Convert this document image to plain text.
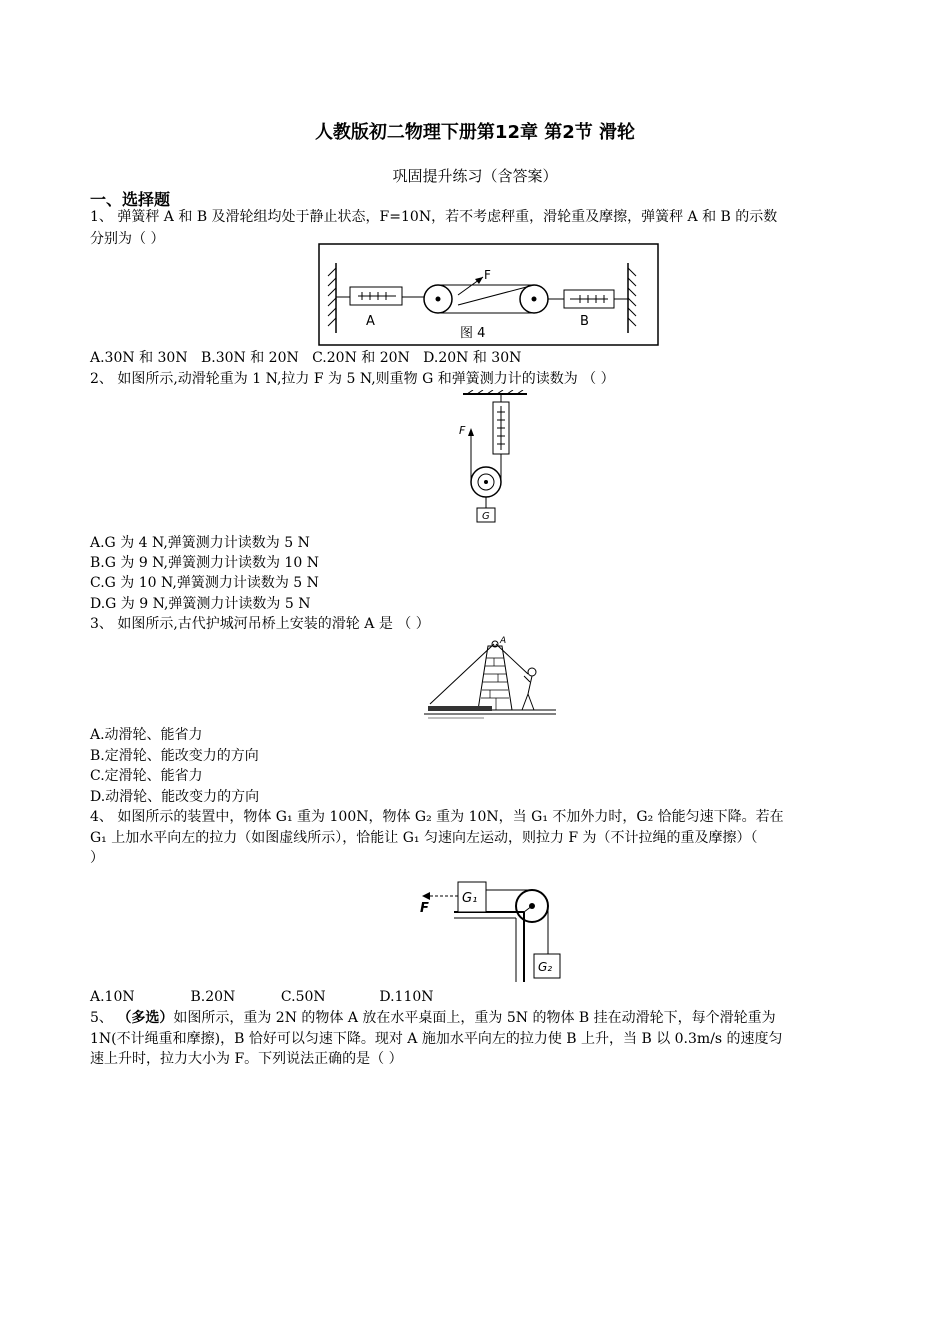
人教版初二物理下册第12章 第2节 滑轮
巩固提升练习（含答案）
一、选择题
1、 弹簧秤 A 和 B 及滑轮组均处于静止状态，F=10N，若不考虑秤重，滑轮重及摩擦，弹簧秤 A 和 B 的示数
分别为（ ）
F
A	B
图 4
A.30N 和 30N B.30N 和 20N C.20N 和 20N D.20N 和 30N
2、 如图所示,动滑轮重为 1 N,拉力 F 为 5 N,则重物 G 和弹簧测力计的读数为 （ ）
F
G
A.G 为 4 N,弹簧测力计读数为 5 N
B.G 为 9 N,弹簧测力计读数为 10 N
C.G 为 10 N,弹簧测力计读数为 5 N
D.G 为 9 N,弹簧测力计读数为 5 N
3、 如图所示,古代护城河吊桥上安装的滑轮 A 是 （ ）
A
A.动滑轮、能省力
B.定滑轮、能改变力的方向
C.定滑轮、能省力
D.动滑轮、能改变力的方向
4、 如图所示的装置中，物体 G₁ 重为 100N，物体 G₂ 重为 10N，当 G₁ 不加外力时，G₂ 恰能匀速下降。若在
G₁ 上加水平向左的拉力（如图虚线所示），恰能让 G₁ 匀速向左运动，则拉力 F 为（不计拉绳的重及摩擦）（
）
G₁
F
G₂
A.10N	B.20N	C.50N	D.110N
5、 （多选）如图所示，重为 2N 的物体 A 放在水平桌面上，重为 5N 的物体 B 挂在动滑轮下，每个滑轮重为
1N(不计绳重和摩擦)，B 恰好可以匀速下降。现对 A 施加水平向左的拉力使 B 上升，当 B 以 0.3m/s 的速度匀
速上升时，拉力大小为 F。下列说法正确的是（ ）
